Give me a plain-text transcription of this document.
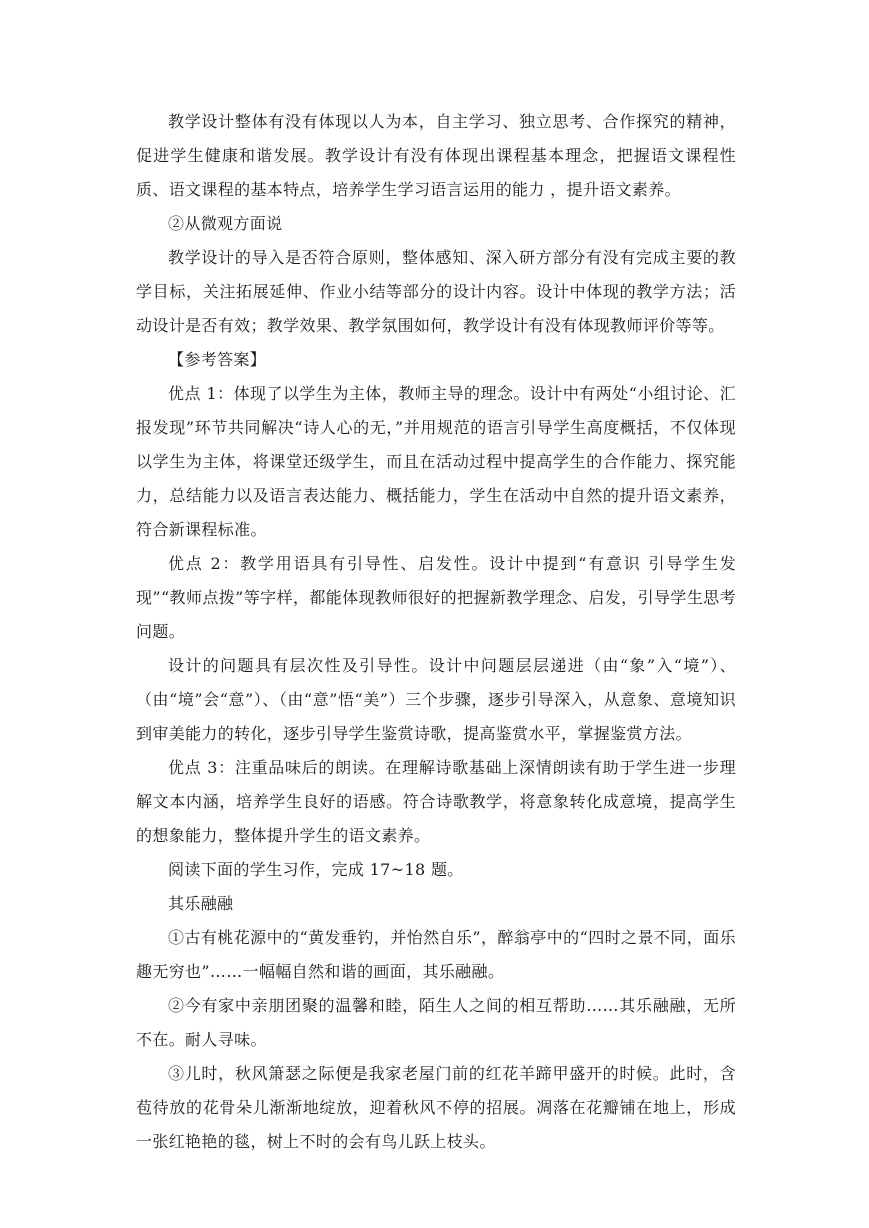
教学设计整体有没有体现以人为本，自主学习、独立思考、合作探究的精神，促进学生健康和谐发展。教学设计有没有体现出课程基本理念，把握语文课程性质、语文课程的基本特点，培养学生学习语言运用的能力 ，提升语文素养。

②从微观方面说

教学设计的导入是否符合原则，整体感知、深入研方部分有没有完成主要的教学目标，关注拓展延伸、作业小结等部分的设计内容。设计中体现的教学方法；活动设计是否有效；教学效果、教学氛围如何，教学设计有没有体现教师评价等等。

【参考答案】

优点 1：体现了以学生为主体，教师主导的理念。设计中有两处“小组讨论、汇报发现”环节共同解决“诗人心的无，”并用规范的语言引导学生高度概括，不仅体现以学生为主体，将课堂还级学生，而且在活动过程中提高学生的合作能力、探究能力，总结能力以及语言表达能力、概括能力，学生在活动中自然的提升语文素养，符合新课程标准。

优点 2：教学用语具有引导性、启发性。设计中提到“有意识 引导学生发现”“教师点拨”等字样，都能体现教师很好的把握新教学理念、启发，引导学生思考问题。

设计的问题具有层次性及引导性。设计中问题层层递进（由“象”入“境”）、（由“境”会“意”）、（由“意”悟“美”）三个步骤，逐步引导深入，从意象、意境知识到审美能力的转化，逐步引导学生鉴赏诗歌，提高鉴赏水平，掌握鉴赏方法。

优点 3：注重品味后的朗读。在理解诗歌基础上深情朗读有助于学生进一步理解文本内涵，培养学生良好的语感。符合诗歌教学，将意象转化成意境，提高学生的想象能力，整体提升学生的语文素养。

阅读下面的学生习作，完成 17~18 题。

其乐融融

①古有桃花源中的“黄发垂钓，并怡然自乐”，醉翁亭中的“四时之景不同，面乐趣无穷也”……一幅幅自然和谐的画面，其乐融融。

②今有家中亲朋团聚的温馨和睦，陌生人之间的相互帮助……其乐融融，无所不在。耐人寻味。

③儿时，秋风箫瑟之际便是我家老屋门前的红花羊蹄甲盛开的时候。此时，含苞待放的花骨朵儿渐渐地绽放，迎着秋风不停的招展。凋落在花瓣铺在地上，形成一张红艳艳的毯，树上不时的会有鸟儿跃上枝头。
